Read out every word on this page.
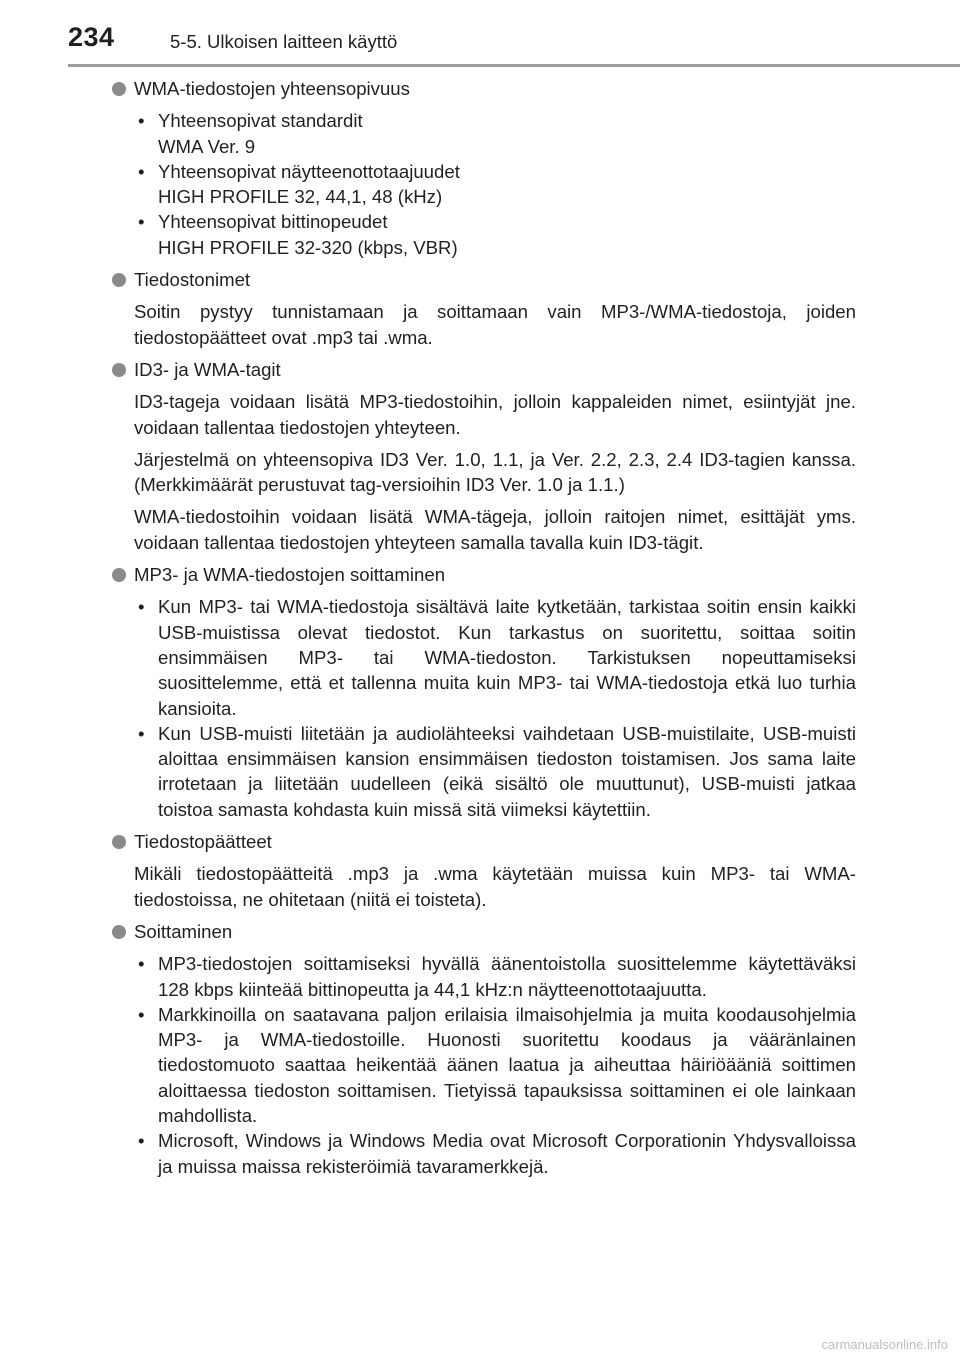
234	5-5. Ulkoisen laitteen käyttö
WMA-tiedostojen yhteensopivuus
• Yhteensopivat standardit
WMA Ver. 9
• Yhteensopivat näytteenottotaajuudet
HIGH PROFILE 32, 44,1, 48 (kHz)
• Yhteensopivat bittinopeudet
HIGH PROFILE 32-320 (kbps, VBR)
Tiedostonimet
Soitin pystyy tunnistamaan ja soittamaan vain MP3-/WMA-tiedostoja, joiden tiedostopäätteet ovat .mp3 tai .wma.
ID3- ja WMA-tagit
ID3-tageja voidaan lisätä MP3-tiedostoihin, jolloin kappaleiden nimet, esiintyjät jne. voidaan tallentaa tiedostojen yhteyteen.
Järjestelmä on yhteensopiva ID3 Ver. 1.0, 1.1, ja Ver. 2.2, 2.3, 2.4 ID3-tagien kanssa. (Merkkimäärät perustuvat tag-versioihin ID3 Ver. 1.0 ja 1.1.)
WMA-tiedostoihin voidaan lisätä WMA-tägeja, jolloin raitojen nimet, esittäjät yms. voidaan tallentaa tiedostojen yhteyteen samalla tavalla kuin ID3-tägit.
MP3- ja WMA-tiedostojen soittaminen
• Kun MP3- tai WMA-tiedostoja sisältävä laite kytketään, tarkistaa soitin ensin kaikki USB-muistissa olevat tiedostot. Kun tarkastus on suoritettu, soittaa soitin ensimmäisen MP3- tai WMA-tiedoston. Tarkistuksen nopeuttamiseksi suosittelemme, että et tallenna muita kuin MP3- tai WMA-tiedostoja etkä luo turhia kansioita.
• Kun USB-muisti liitetään ja audiolähteeksi vaihdetaan USB-muistilaite, USB-muisti aloittaa ensimmäisen kansion ensimmäisen tiedoston toistamisen. Jos sama laite irrotetaan ja liitetään uudelleen (eikä sisältö ole muuttunut), USB-muisti jatkaa toistoa samasta kohdasta kuin missä sitä viimeksi käytettiin.
Tiedostopäätteet
Mikäli tiedostopäätteitä .mp3 ja .wma käytetään muissa kuin MP3- tai WMA-tiedostoissa, ne ohitetaan (niitä ei toisteta).
Soittaminen
• MP3-tiedostojen soittamiseksi hyvällä äänentoistolla suosittelemme käytettäväksi 128 kbps kiinteää bittinopeutta ja 44,1 kHz:n näytteenottotaajuutta.
• Markkinoilla on saatavana paljon erilaisia ilmaisohjelmia ja muita koodausohjelmia MP3- ja WMA-tiedostoille. Huonosti suoritettu koodaus ja vääränlainen tiedostomuoto saattaa heikentää äänen laatua ja aiheuttaa häiriöääniä soittimen aloittaessa tiedoston soittamisen. Tietyissä tapauksissa soittaminen ei ole lainkaan mahdollista.
• Microsoft, Windows ja Windows Media ovat Microsoft Corporationin Yhdysvalloissa ja muissa maissa rekisteröimiä tavaramerkkejä.
carmanualsonline.info
